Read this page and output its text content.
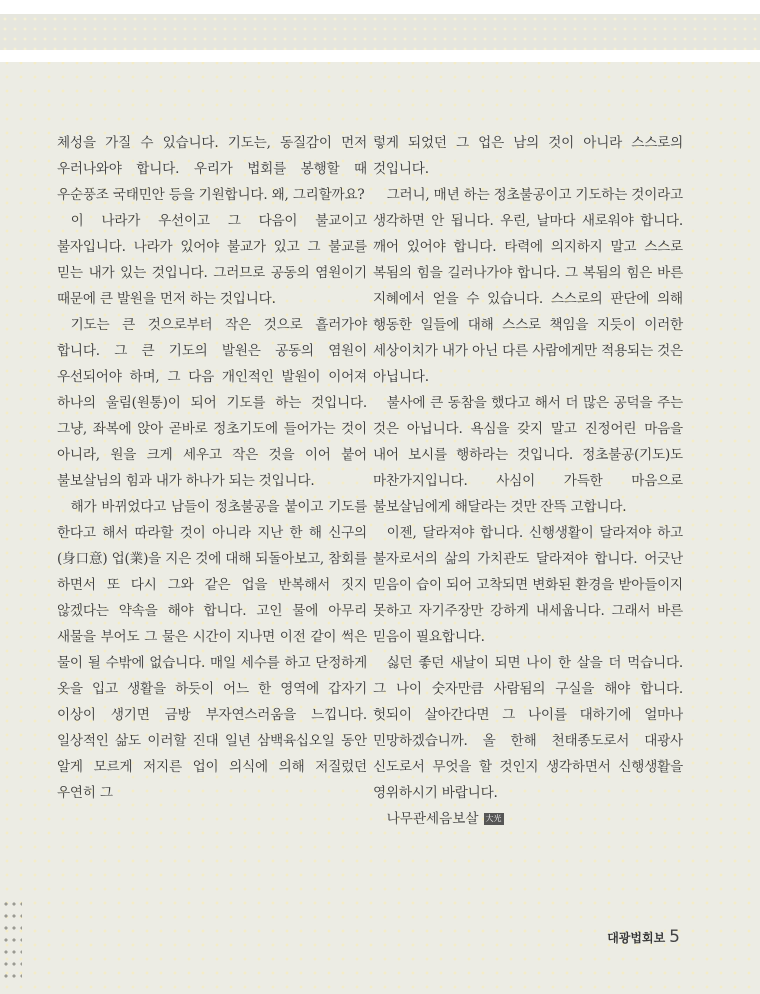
체성을 가질 수 있습니다. 기도는, 동질감이 먼저 우러나와야 합니다. 우리가 법회를 봉행할 때 우순풍조 국태민안 등을 기원합니다. 왜, 그리할까요?

이 나라가 우선이고 그 다음이 불교이고 불자입니다. 나라가 있어야 불교가 있고 그 불교를 믿는 내가 있는 것입니다. 그러므로 공동의 염원이기 때문에 큰 발원을 먼저 하는 것입니다.

기도는 큰 것으로부터 작은 것으로 흘러가야 합니다. 그 큰 기도의 발원은 공동의 염원이 우선되어야 하며, 그 다음 개인적인 발원이 이어져 하나의 울림(원통)이 되어 기도를 하는 것입니다. 그냥, 좌복에 앉아 곧바로 정초기도에 들어가는 것이 아니라, 원을 크게 세우고 작은 것을 이어 붙어 불보살님의 힘과 내가 하나가 되는 것입니다.

해가 바뀌었다고 남들이 정초불공을 붙이고 기도를 한다고 해서 따라할 것이 아니라 지난 한 해 신구의(身口意) 업(業)을 지은 것에 대해 되돌아보고, 참회를 하면서 또 다시 그와 같은 업을 반복해서 짓지 않겠다는 약속을 해야 합니다. 고인 물에 아무리 새물을 부어도 그 물은 시간이 지나면 이전 같이 썩은 물이 될 수밖에 없습니다. 매일 세수를 하고 단정하게 옷을 입고 생활을 하듯이 어느 한 영역에 갑자기 이상이 생기면 금방 부자연스러움을 느낍니다. 일상적인 삶도 이러할 진대 일년 삼백육십오일 동안 알게 모르게 저지른 업이 의식에 의해 저질렀던 우연히 그

렇게 되었던 그 업은 남의 것이 아니라 스스로의 것입니다.

그러니, 매년 하는 정초불공이고 기도하는 것이라고 생각하면 안 됩니다. 우린, 날마다 새로워야 합니다. 깨어 있어야 합니다. 타력에 의지하지 말고 스스로 복됨의 힘을 길러나가야 합니다. 그 복됨의 힘은 바른 지혜에서 얻을 수 있습니다. 스스로의 판단에 의해 행동한 일들에 대해 스스로 책임을 지듯이 이러한 세상이치가 내가 아닌 다른 사람에게만 적용되는 것은 아닙니다.

불사에 큰 동참을 했다고 해서 더 많은 공덕을 주는 것은 아닙니다. 욕심을 갖지 말고 진정어린 마음을 내어 보시를 행하라는 것입니다. 정초불공(기도)도 마찬가지입니다. 사심이 가득한 마음으로 불보살님에게 해달라는 것만 잔뜩 고합니다.

이젠, 달라져야 합니다. 신행생활이 달라져야 하고 불자로서의 삶의 가치관도 달라져야 합니다. 어긋난 믿음이 습이 되어 고착되면 변화된 환경을 받아들이지 못하고 자기주장만 강하게 내세웁니다. 그래서 바른 믿음이 필요합니다.

싫던 좋던 새날이 되면 나이 한 살을 더 먹습니다. 그 나이 숫자만큼 사람됨의 구실을 해야 합니다. 헛되이 살아간다면 그 나이를 대하기에 얼마나 민망하겠습니까. 올 한해 천태종도로서 대광사 신도로서 무엇을 할 것인지 생각하면서 신행생활을 영위하시기 바랍니다.

나무관세음보살 大光

대광법회보 5
